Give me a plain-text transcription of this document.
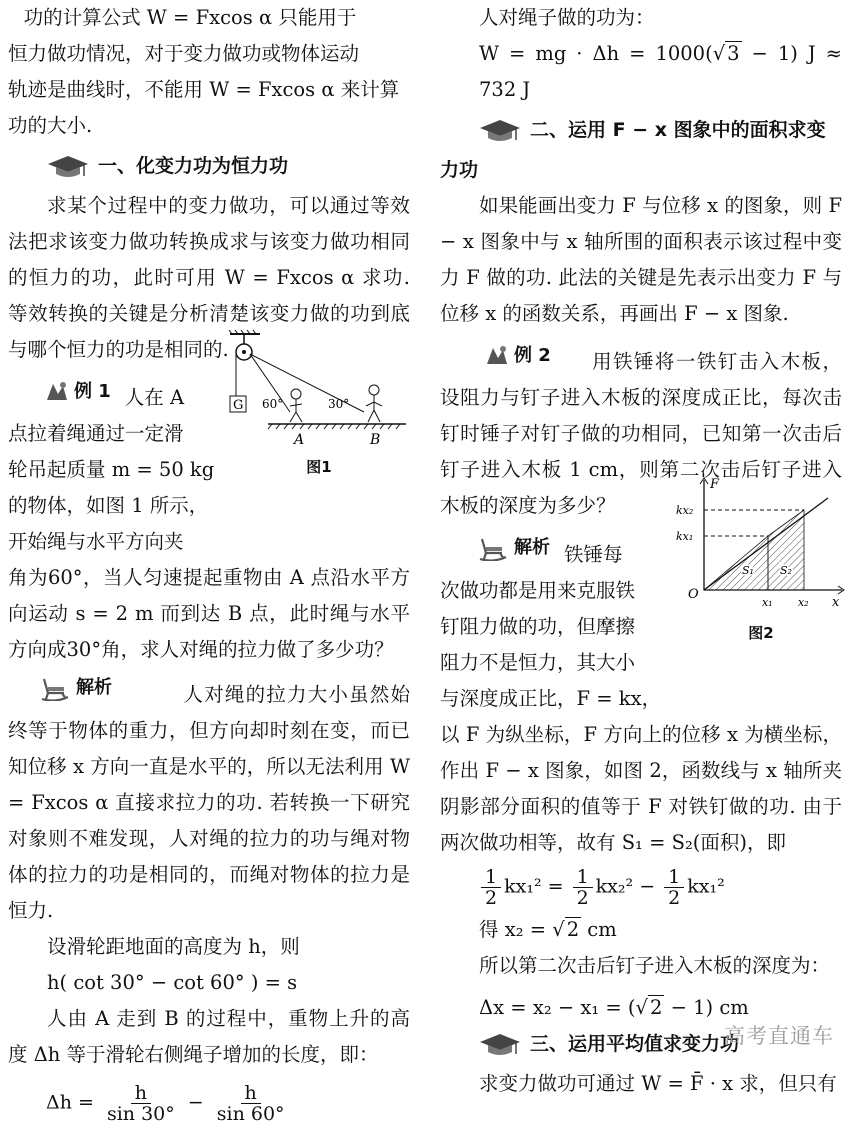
功的计算公式 W = Fxcos α 只能用于

恒力做功情况，对于变力做功或物体运动

轨迹是曲线时，不能用 W = Fxcos α 来计算

功的大小.

一、化变力功为恒力功

求某个过程中的变力做功，可以通过等效法把求该变力做功转换成求与该变力做功相同的恒力的功，此时可用 W = Fxcos α 求功. 等效转换的关键是分析清楚该变力做的功到底与哪个恒力的功是相同的.

例 1 人在 A

点拉着绳通过一定滑

轮吊起质量 m = 50 kg

的物体，如图 1 所示，

开始绳与水平方向夹

角为60°，当人匀速提起重物由 A 点沿水平方向运动 s = 2 m 而到达 B 点，此时绳与水平方向成30°角，求人对绳的拉力做了多少功？

解析	人对绳的拉力大小虽然始终等于物体的重力，但方向却时刻在变，而已知位移 x 方向一直是水平的，所以无法利用 W = Fxcos α 直接求拉力的功. 若转换一下研究对象则不难发现，人对绳的拉力的功与绳对物体的拉力的功是相同的，而绳对物体的拉力是恒力.

设滑轮距地面的高度为 h，则

h( cot 30° − cot 60° ) = s

人由 A 走到 B 的过程中，重物上升的高度 Δh 等于滑轮右侧绳子增加的长度，即：

$\Delta h = \frac{h}{\sin 30^\circ} - \frac{h}{\sin 60^\circ}$
G 60°	30°
A	B
图1

人对绳子做的功为：

W = mg · Δh = 1000(√ 3 − 1) J ≈ 732 J

二、运用 F − x 图象中的面积求变

力功

如果能画出变力 F 与位移 x 的图象，则 F − x 图象中与 x 轴所围的面积表示该过程中变力 F 做的功. 此法的关键是先表示出变力 F 与位移 x 的函数关系，再画出 F − x 图象.

例 2	用铁锤将一铁钉击入木板，设阻力与钉子进入木板的深度成正比，每次击钉时锤子对钉子做的功相同，已知第一次击后钉子进入木板 1 cm，则第二次击后钉子进入木板的深度为多少？

解析 铁锤每

次做功都是用来克服铁

钉阻力做的功，但摩擦

阻力不是恒力，其大小

与深度成正比，F = kx，

以 F 为纵坐标，F 方向上的位移 x 为横坐标，作出 F − x 图象，如图 2，函数线与 x 轴所夹阴影部分面积的值等于 F 对铁钉做的功. 由于两次做功相等，故有 S₁ = S₂(面积)，即

$\frac{1}{2} kx_1^2 = \frac{1}{2} kx_2^2 - \frac{1}{2} kx_1^2$

得 x₂ = √ 2 cm

所以第二次击后钉子进入木板的深度为：

Δx = x₂ − x₁ = (√ 2 − 1) cm

三、运用平均值求变力功

求变力做功可通过 W = F̄ · x 求，但只有

F
x
O
kx₂
kx₁
S₁ S₂
x₁ x₂
图2
高考直通车
